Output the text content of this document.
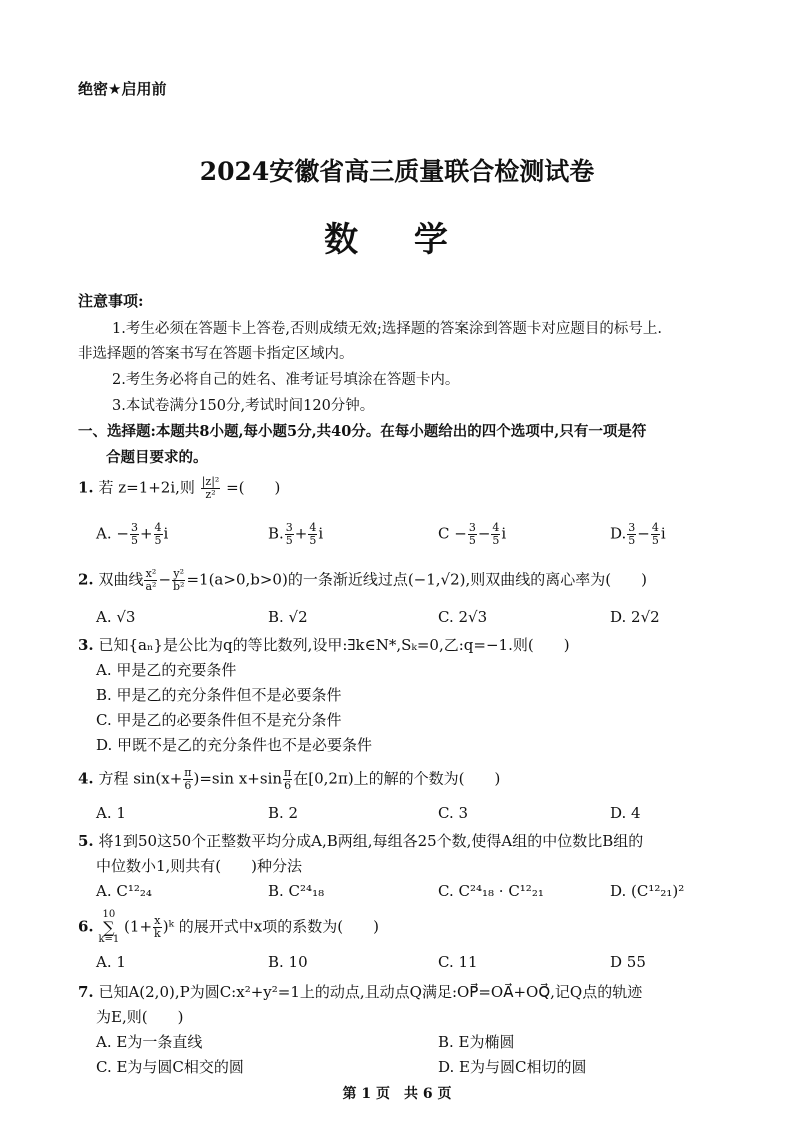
绝密★启用前
2024安徽省高三质量联合检测试卷
数 学
注意事项:
1.考生必须在答题卡上答卷,否则成绩无效;选择题的答案涂到答题卡对应题目的标号上.
非选择题的答案书写在答题卡指定区域内。
2.考生务必将自己的姓名、准考证号填涂在答题卡内。
3.本试卷满分150分,考试时间120分钟。
一、选择题:本题共8小题,每小题5分,共40分。在每小题给出的四个选项中,只有一项是符
合题目要求的。
1. 若 z=1+2i,则 $\frac{\text{|z|²}}{\text{z²}}$ =(　　)
A. − $\frac{3}{5} + \frac{4}{5}$ i	B. $\frac{3}{5} + \frac{4}{5}$ i	$C - \frac{3}{5} - \frac{4}{5}$ i	D. $\frac{3}{5} - \frac{4}{5}$ i
2. 双曲线 $\frac{\text{x²}}{\text{a²}} - \frac{\text{y²}}{\text{b²}} =1(a>0,b>0)$的一条渐近线过点(−1,√2),则双曲线的离心率为(　　)
A. √3	B. √2	C. 2√3	D. 2√2
3. 已知{aₙ}是公比为q的等比数列,设甲:∃k∈N*,Sₖ=0,乙:q=−1.则(　　)
A. 甲是乙的充要条件
B. 甲是乙的充分条件但不是必要条件
C. 甲是乙的必要条件但不是充分条件
D. 甲既不是乙的充分条件也不是必要条件
4. 方程 $\sin(x+ \frac{\pi}{6} )=\sin$ $x+\sin \frac{\pi}{6}$ 在[0,2π)上的解的个数为(　　)
A. 1	B. 2	C. 3	D. 4
5. 将1到50这50个正整数平均分成A,B两组,每组各25个数,使得A组的中位数比B组的
中位数小1,则共有(　　)种分法
A. C¹²₂₄	B. C²⁴₁₈	C. C²⁴₁₈ · C¹²₂₁	D. (C¹²₂₁)²
6.
10
∑
k=1
($1+ \frac{x}{k}$ )ᵏ 的展开式中x项的系数为(　　)
A. 1	B. 10	C. 11	D 55
7. 已知A(2,0),P为圆C:x²+y²=1上的动点,且动点Q满足:OP⃗=OA⃗+OQ⃗,记Q点的轨迹
为E,则(　　)
A. E为一条直线	B. E为椭圆
C. E为与圆C相交的圆	D. E为与圆C相切的圆
第 1 页　共 6 页
